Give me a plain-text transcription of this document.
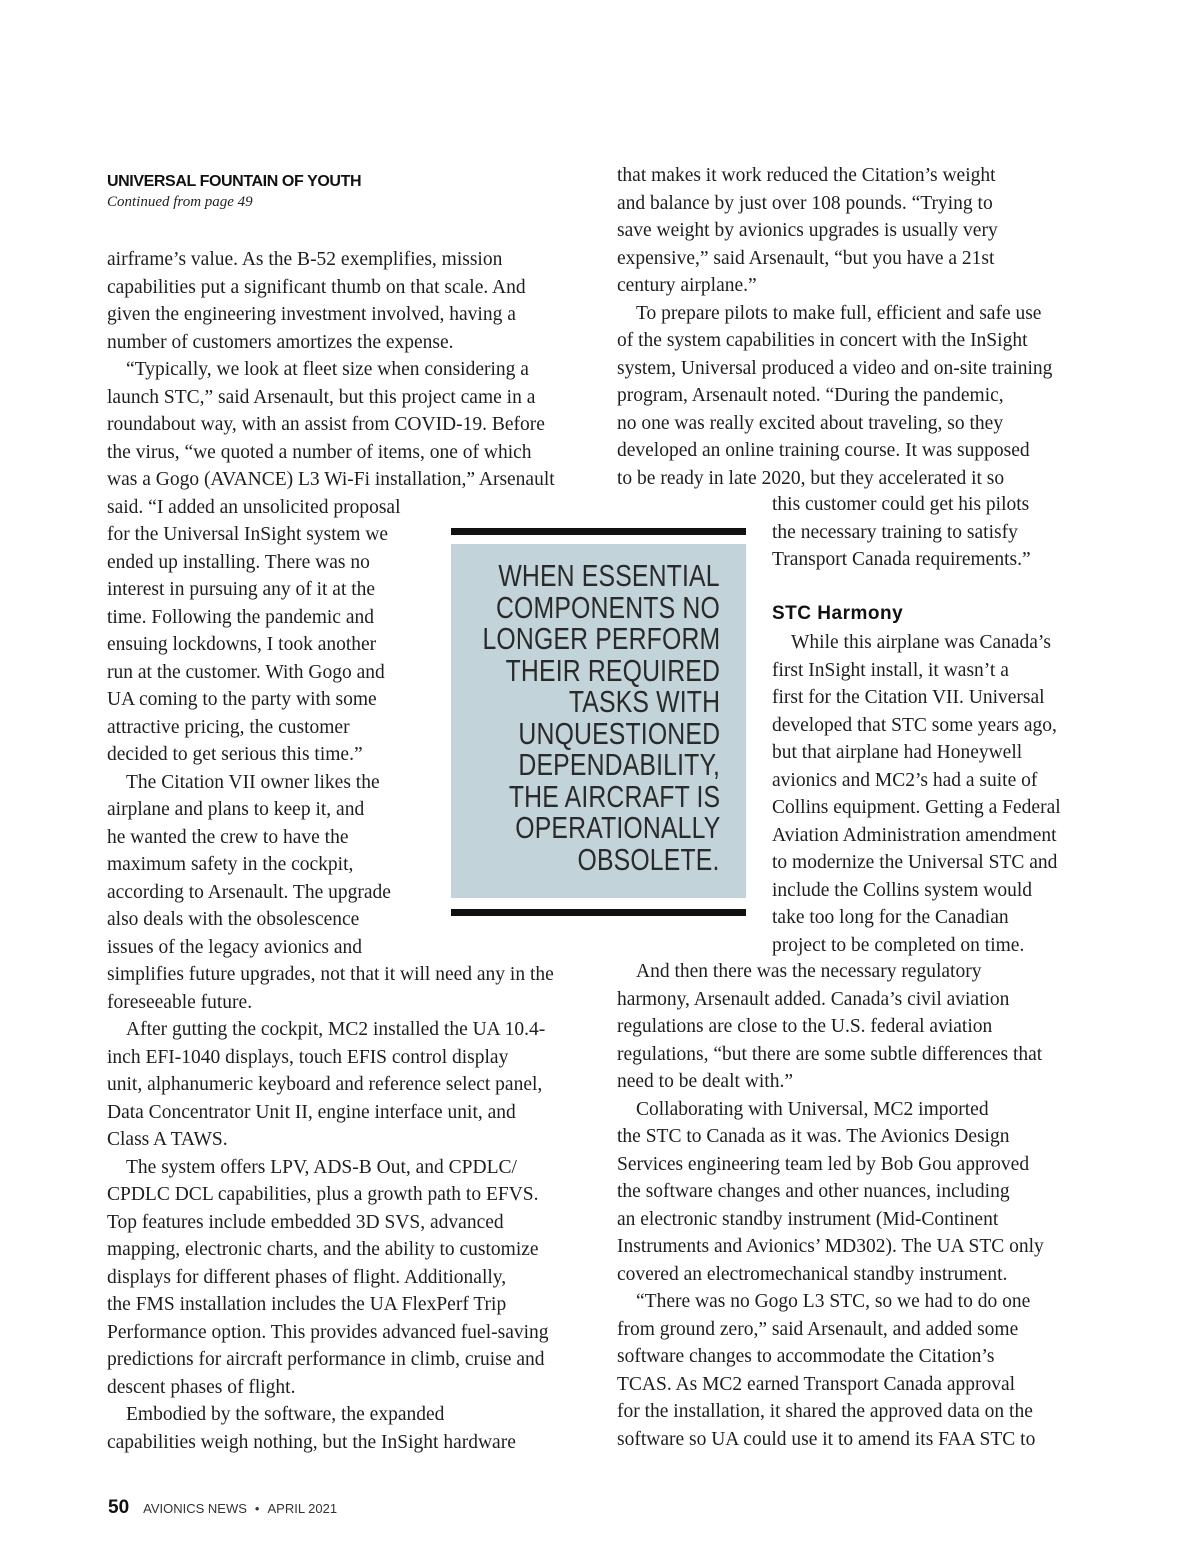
UNIVERSAL FOUNTAIN OF YOUTH
Continued from page 49
airframe’s value. As the B-52 exemplifies, mission
capabilities put a significant thumb on that scale. And
given the engineering investment involved, having a
number of customers amortizes the expense.
“Typically, we look at fleet size when considering a
launch STC,” said Arsenault, but this project came in a
roundabout way, with an assist from COVID-19. Before
the virus, “we quoted a number of items, one of which
was a Gogo (AVANCE) L3 Wi-Fi installation,” Arsenault
said. “I added an unsolicited proposal
for the Universal InSight system we
ended up installing. There was no
interest in pursuing any of it at the
time. Following the pandemic and
ensuing lockdowns, I took another
run at the customer. With Gogo and
UA coming to the party with some
attractive pricing, the customer
decided to get serious this time.”
The Citation VII owner likes the
airplane and plans to keep it, and
he wanted the crew to have the
maximum safety in the cockpit,
according to Arsenault. The upgrade
also deals with the obsolescence
issues of the legacy avionics and
simplifies future upgrades, not that it will need any in the
foreseeable future.
After gutting the cockpit, MC2 installed the UA 10.4-
inch EFI-1040 displays, touch EFIS control display
unit, alphanumeric keyboard and reference select panel,
Data Concentrator Unit II, engine interface unit, and
Class A TAWS.
The system offers LPV, ADS-B Out, and CPDLC/
CPDLC DCL capabilities, plus a growth path to EFVS.
Top features include embedded 3D SVS, advanced
mapping, electronic charts, and the ability to customize
displays for different phases of flight. Additionally,
the FMS installation includes the UA FlexPerf Trip
Performance option. This provides advanced fuel-saving
predictions for aircraft performance in climb, cruise and
descent phases of flight.
Embodied by the software, the expanded
capabilities weigh nothing, but the InSight hardware
that makes it work reduced the Citation’s weight
and balance by just over 108 pounds. “Trying to
save weight by avionics upgrades is usually very
expensive,” said Arsenault, “but you have a 21st
century airplane.”
To prepare pilots to make full, efficient and safe use
of the system capabilities in concert with the InSight
system, Universal produced a video and on-site training
program, Arsenault noted. “During the pandemic,
no one was really excited about traveling, so they
developed an online training course. It was supposed
to be ready in late 2020, but they accelerated it so
this customer could get his pilots
the necessary training to satisfy
Transport Canada requirements.”
STC Harmony
While this airplane was Canada’s
first InSight install, it wasn’t a
first for the Citation VII. Universal
developed that STC some years ago,
but that airplane had Honeywell
avionics and MC2’s had a suite of
Collins equipment. Getting a Federal
Aviation Administration amendment
to modernize the Universal STC and
include the Collins system would
take too long for the Canadian
project to be completed on time.
And then there was the necessary regulatory
harmony, Arsenault added. Canada’s civil aviation
regulations are close to the U.S. federal aviation
regulations, “but there are some subtle differences that
need to be dealt with.”
Collaborating with Universal, MC2 imported
the STC to Canada as it was. The Avionics Design
Services engineering team led by Bob Gou approved
the software changes and other nuances, including
an electronic standby instrument (Mid-Continent
Instruments and Avionics’ MD302). The UA STC only
covered an electromechanical standby instrument.
“There was no Gogo L3 STC, so we had to do one
from ground zero,” said Arsenault, and added some
software changes to accommodate the Citation’s
TCAS. As MC2 earned Transport Canada approval
for the installation, it shared the approved data on the
software so UA could use it to amend its FAA STC to
WHEN ESSENTIAL
COMPONENTS NO
LONGER PERFORM
THEIR REQUIRED
TASKS WITH
UNQUESTIONED
DEPENDABILITY,
THE AIRCRAFT IS
OPERATIONALLY
OBSOLETE.
50 AVIONICS NEWS • APRIL 2021
